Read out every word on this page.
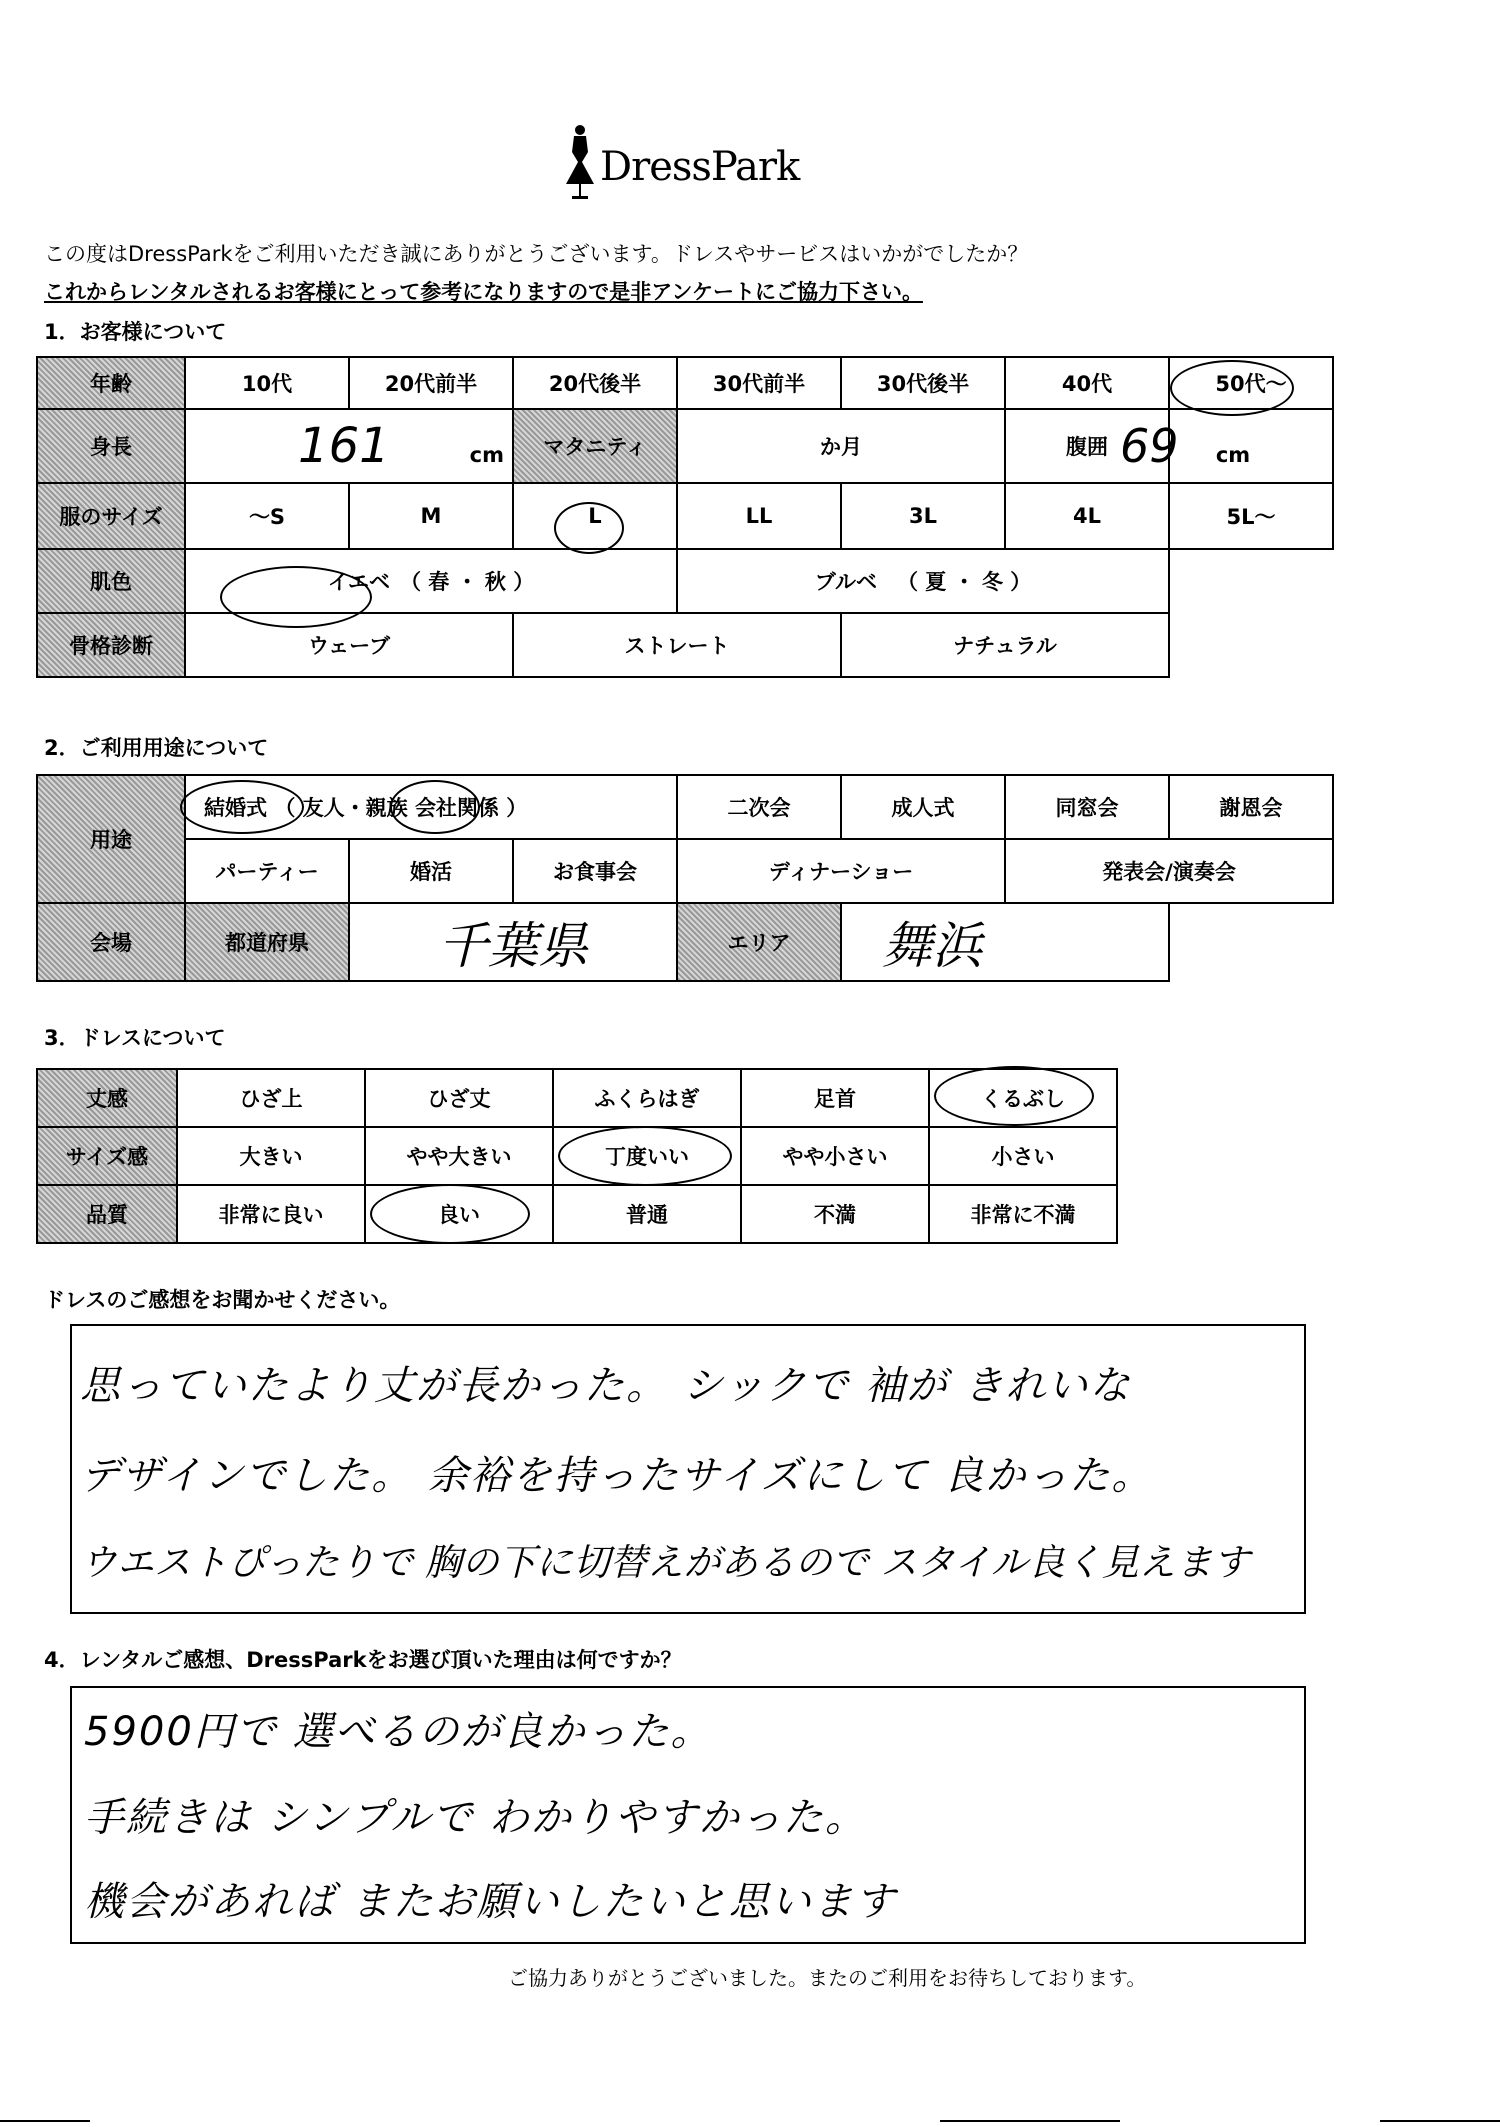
DressPark
この度はDressParkをご利用いただき誠にありがとうございます。ドレスやサービスはいかがでしたか？
これからレンタルされるお客様にとって参考になりますので是非アンケートにご協力下さい。
1．お客様について
年齢	10代	20代前半	20代後半	30代前半	30代後半	40代	50代～
身長	161 cm		マタニティ	か月		腹囲	69 cm
服のサイズ	～S	M	L	LL	3L	4L	5L～
肌色	イエベ （ 春 ・ 秋 ）			ブルベ （ 夏 ・ 冬 ）			
骨格診断	ウェーブ		ストレート		ナチュラル		
2．ご利用用途について
用途	結婚式 （ 友人・親族 会社関係 ）			二次会	成人式	同窓会	謝恩会
	パーティー	婚活	お食事会	ディナーショー		発表会/演奏会	
会場	都道府県	千葉県		エリア	舞浜		
3．ドレスについて
丈感	ひざ上	ひざ丈	ふくらはぎ	足首	くるぶし
サイズ感	大きい	やや大きい	丁度いい	やや小さい	小さい
品質	非常に良い	良い	普通	不満	非常に不満
ドレスのご感想をお聞かせください。
思っていたより丈が長かった。 シックで 袖が きれいな
デザインでした。 余裕を持ったサイズにして 良かった。
ウエストぴったりで 胸の下に切替えがあるので スタイル良く見えます
4．レンタルご感想、DressParkをお選び頂いた理由は何ですか？
5900円で 選べるのが良かった。
手続きは シンプルで わかりやすかった。
機会があれば またお願いしたいと思います
ご協力ありがとうございました。またのご利用をお待ちしております。
